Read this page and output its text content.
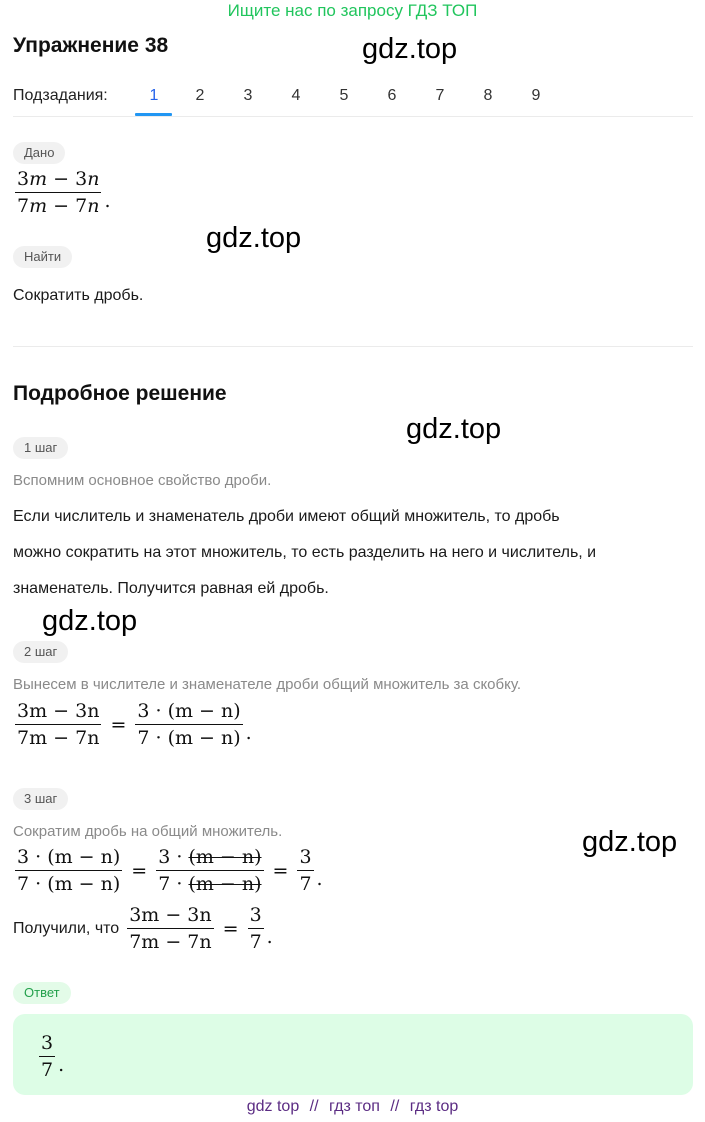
Ищите нас по запросу ГДЗ ТОП
Упражнение 38	gdz.top
gdz.top
gdz.top
gdz.top
gdz.top
Подзадания:	1	2	3	4	5	6	7	8	9
Дано
$\frac{3m - 3n}{7m - 7n}$ .
Найти
Сократить дробь.
Подробное решение
1 шаг
Вспомним основное свойство дроби.
Если числитель и знаменатель дроби имеют общий множитель, то дробь
можно сократить на этот множитель, то есть разделить на него и числитель, и
знаменатель. Получится равная ей дробь.
2 шаг
Вынесем в числителе и знаменателе дроби общий множитель за скобку.
$\frac{3m - 3n}{7m - 7n} = \frac{3 \cdot (m - n)}{7 \cdot (m - n)}$ .
3 шаг
Сократим дробь на общий множитель.
$\frac{3 \cdot (m - n)}{7 \cdot (m - n)} = \frac{3 \cdot (m - n)}{7 \cdot (m - n)} = \frac{3}{7}$ .
Получили, что $\frac{3m - 3n}{7m - 7n} = \frac{3}{7}$ .
Ответ
$\frac{3}{7}$ .
gdz top // гдз топ // гдз top
